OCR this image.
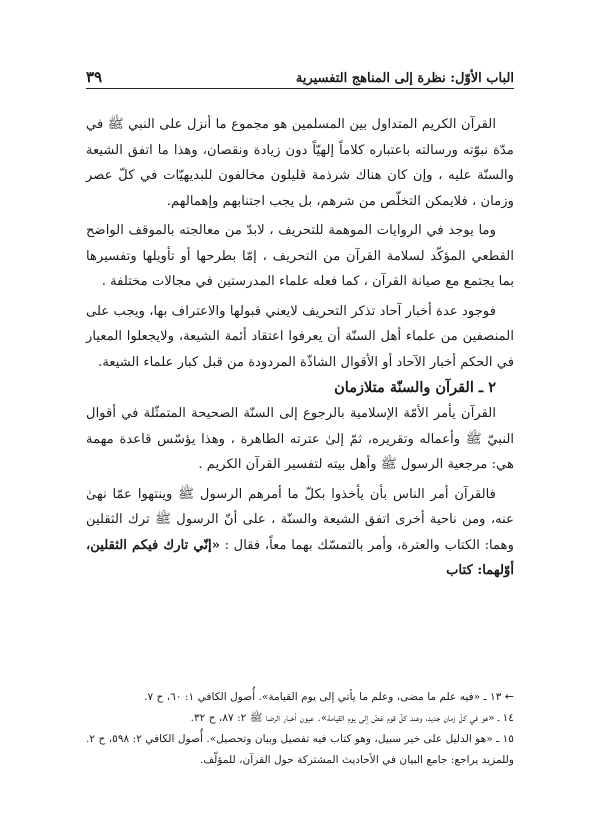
الباب الأوّل: نظرة إلى المناهج التفسيرية
٣٩

القرآن الكريم المتداول بين المسلمين هو مجموع ما أنزل على النبي ﷺ في مدّة نبوّته ورسالته باعتباره كلاماً إلهيّاً دون زيادة ونقصان، وهذا ما اتفق الشيعة والسنّة عليه ، وإن كان هناك شرذمة قليلون مخالفون للبديهيّات في كلّ عصر وزمان ، فلايمكن التخلّص من شرهم، بل يجب اجتنابهم وإهمالهم.

وما يوجد في الروايات الموهمة للتحريف ، لابدّ من معالجته بالموقف الواضح القطعي المؤكّد لسلامة القرآن من التحريف ، إمّا بطرحها أو تأويلها وتفسيرها بما يجتمع مع صيانة القرآن ، كما فعله علماء المدرستين في مجالات مختلفة .

فوجود عدة أخبار آحاد تذكر التحريف لايعني قبولها والاعتراف بها، ويجب على المنصفين من علماء أهل السنّة أن يعرفوا اعتقاد أئمة الشيعة، ولايجعلوا المعيار في الحكم أخبار الآحاد أو الأقوال الشاذّة المردودة من قبل كبار علماء الشيعة.

٢ ـ القرآن والسنّة متلازمان

القرآن يأمر الأمّة الإسلامية بالرجوع إلى السنّة الصحيحة المتمثّلة في أقوال النبيّ ﷺ وأعماله وتقريره، ثمّ إلىٰ عترته الطاهرة ، وهذا يؤسّس قاعدة مهمة هي: مرجعية الرسول ﷺ وأهل بيته لتفسير القرآن الكريم .

فالقرآن أمر الناس بأن يأخذوا بكلّ ما أمرهم الرسول ﷺ وينتهوا عمّا نهىٰ عنه، ومن ناحية أخرى اتفق الشيعة والسنّة ، على أنّ الرسول ﷺ ترك الثقلين وهما: الكتاب والعترة، وأمر بالتمسّك بهما معاً، فقال : «إنّي تارك فيكم الثقلين، أوّلهما: كتاب

← ١٣ ـ «فيه علم ما مضى، وعلم ما يأتي إلى يوم القيامة». أُصول الكافي ١: ٦٠، ح ٧.

١٤ ـ «هو في كلّ زمان جديد، وعند كلّ قوم غضّ إلى يوم القيامة». عيون أخبار الرضا ﷺ ٢: ٨٧، ح ٣٢.

١٥ ـ «هو الدليل على خير سبيل، وهو كتاب فيه تفصيل وبيان وتحصيل». أُصول الكافي ٢: ٥٩٨، ح ٢. وللمزيد يراجع: جامع البيان في الأحاديث المشتركة حول القرآن، للمؤلّف.
